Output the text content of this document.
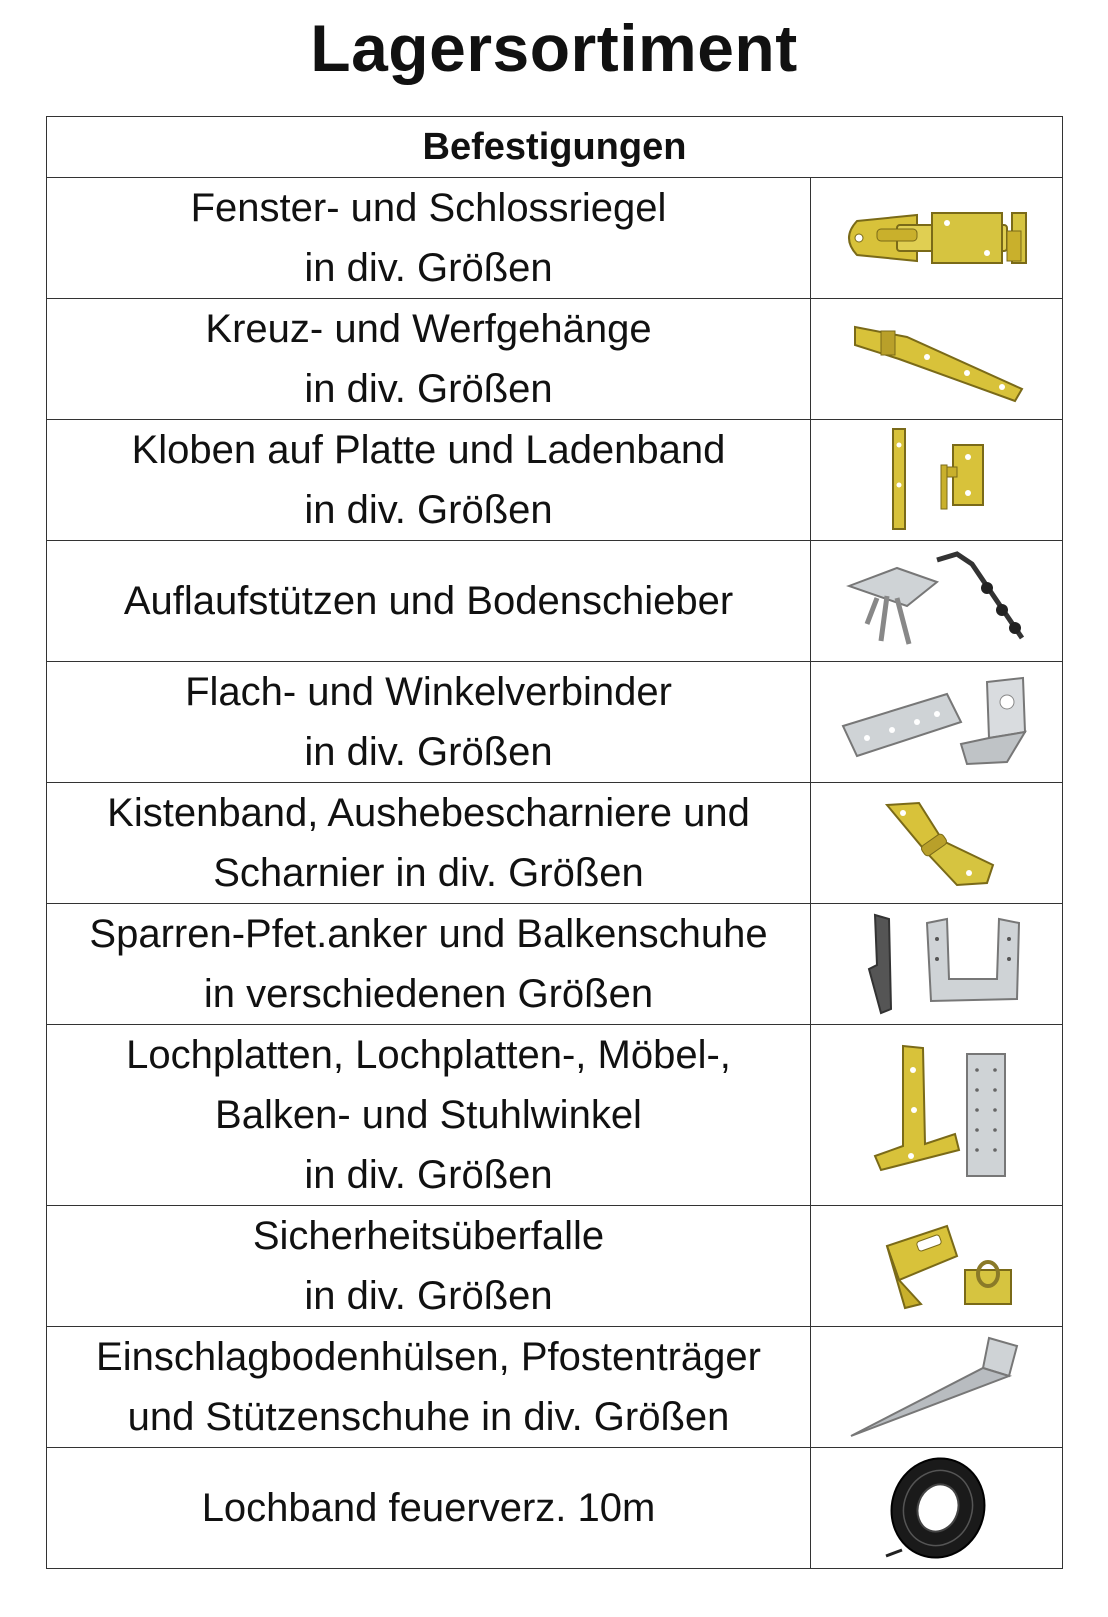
Lagersortiment
Befestigungen	

Fenster- und Schlossriegel
in div. Größen

Kreuz- und Werfgehänge
in div. Größen

Kloben auf Platte und Ladenband
in div. Größen

Auflaufstützen und Bodenschieber

Flach- und Winkelverbinder
in div. Größen

Kistenband, Aushebescharniere und
Scharnier in div. Größen

Sparren-Pfet.anker und Balkenschuhe
in verschiedenen Größen

Lochplatten, Lochplatten-, Möbel-,
Balken- und Stuhlwinkel
in div. Größen

Sicherheitsüberfalle
in div. Größen

Einschlagbodenhülsen, Pfostenträger
und Stützenschuhe in div. Größen

Lochband feuerverz. 10m
